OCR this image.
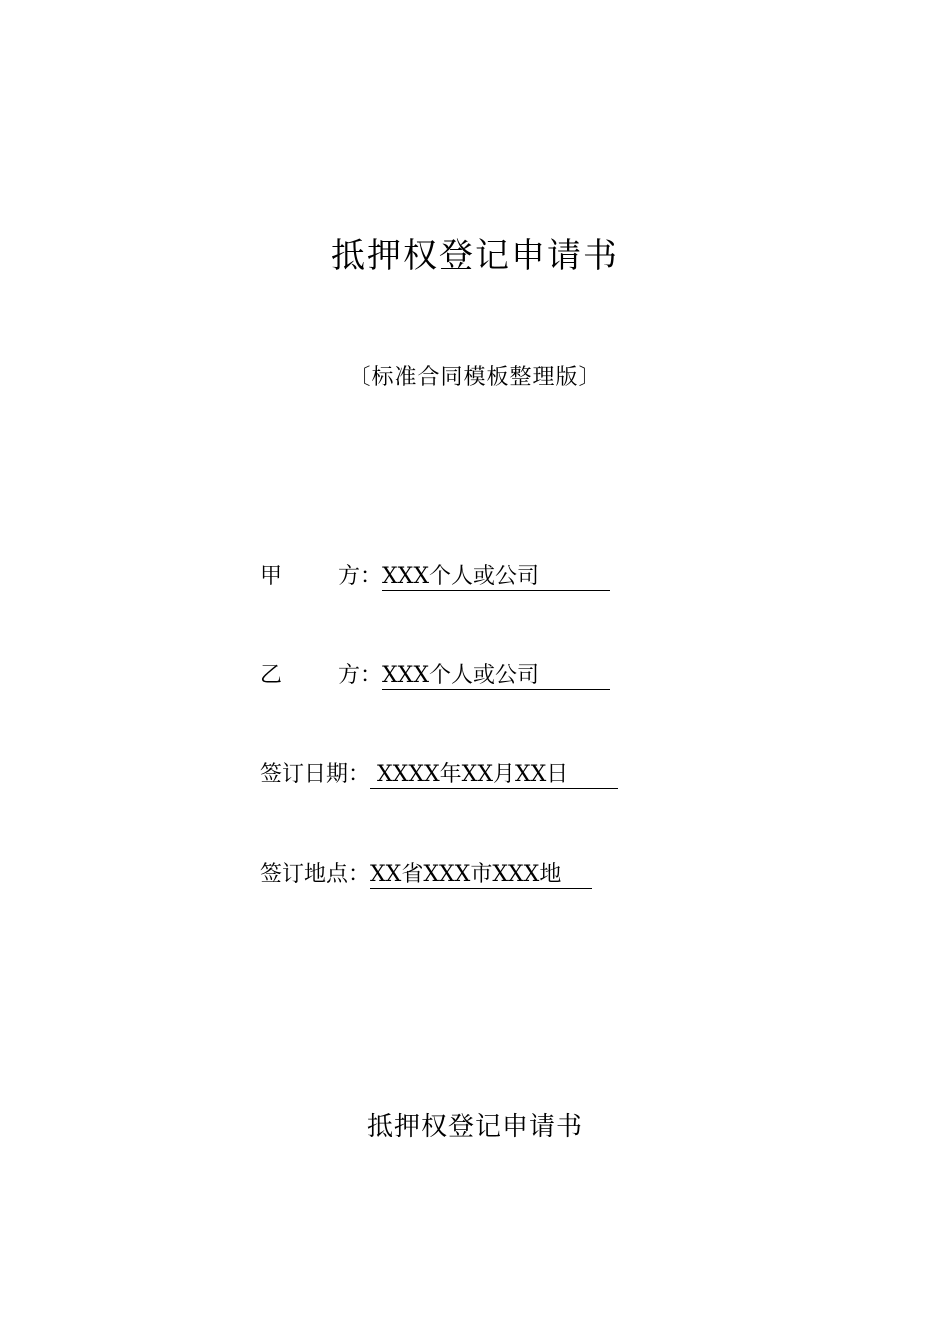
抵押权登记申请书
〔标准合同模板整理版〕
甲	方： XXX个人或公司
乙	方： XXX个人或公司
签订日期： XXXX年XX月XX日
签订地点： XX省XXX市XXX地
抵押权登记申请书
